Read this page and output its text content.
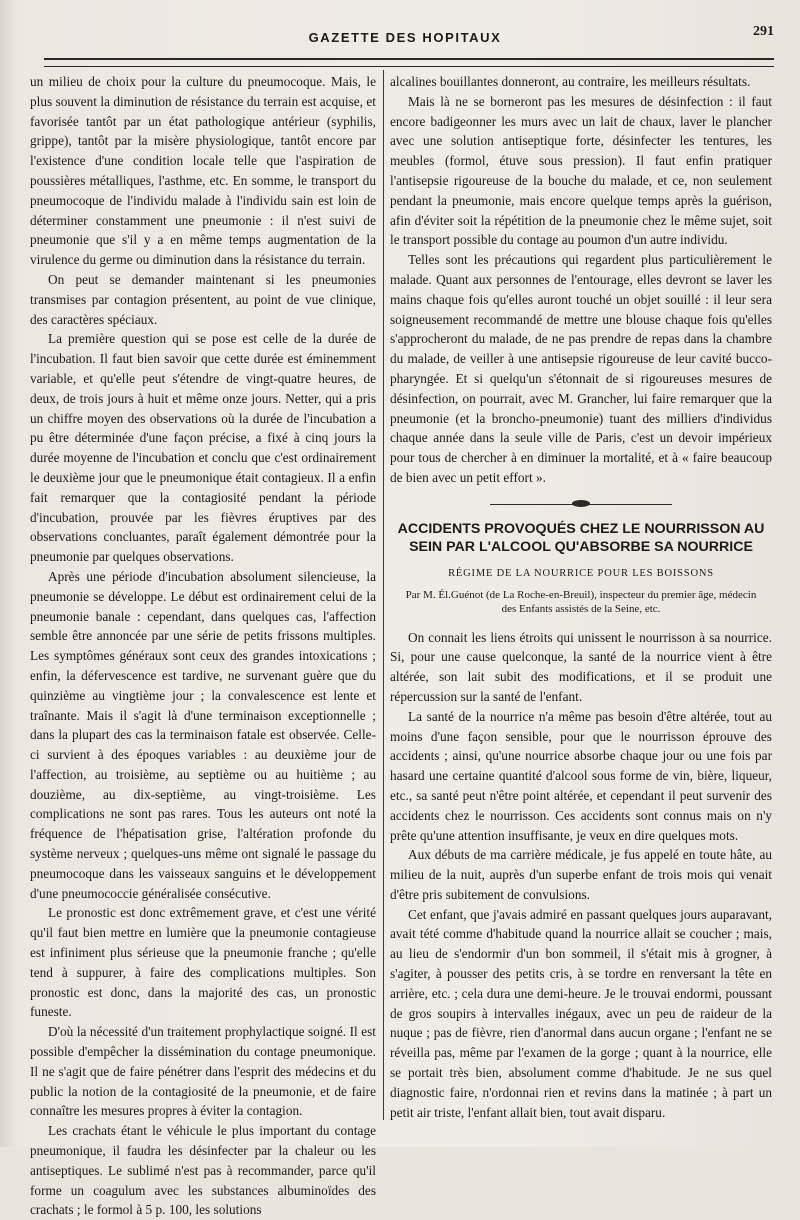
GAZETTE DES HOPITAUX	291

un milieu de choix pour la culture du pneumocoque. Mais, le plus souvent la diminution de résistance du terrain est acquise, et favorisée tantôt par un état pathologique antérieur (syphilis, grippe), tantôt par la misère physiologique, tantôt encore par l'existence d'une condition locale telle que l'aspiration de poussières métalliques, l'asthme, etc. En somme, le transport du pneumocoque de l'individu malade à l'individu sain est loin de déterminer constamment une pneumonie : il n'est suivi de pneumonie que s'il y a en même temps augmentation de la virulence du germe ou diminution dans la résistance du terrain.

On peut se demander maintenant si les pneumonies transmises par contagion présentent, au point de vue clinique, des caractères spéciaux.

La première question qui se pose est celle de la durée de l'incubation. Il faut bien savoir que cette durée est éminemment variable, et qu'elle peut s'étendre de vingt-quatre heures, de deux, de trois jours à huit et même onze jours. Netter, qui a pris un chiffre moyen des observations où la durée de l'incubation a pu être déterminée d'une façon précise, a fixé à cinq jours la durée moyenne de l'incubation et conclu que c'est ordinairement le deuxième jour que le pneumonique était contagieux. Il a enfin fait remarquer que la contagiosité pendant la période d'incubation, prouvée par les fièvres éruptives par des observations concluantes, paraît également démontrée pour la pneumonie par quelques observations.

Après une période d'incubation absolument silencieuse, la pneumonie se développe. Le début est ordinairement celui de la pneumonie banale : cependant, dans quelques cas, l'affection semble être annoncée par une série de petits frissons multiples. Les symptômes généraux sont ceux des grandes intoxications ; enfin, la défervescence est tardive, ne survenant guère que du quinzième au vingtième jour ; la convalescence est lente et traînante. Mais il s'agit là d'une terminaison exceptionnelle ; dans la plupart des cas la terminaison fatale est observée. Celle-ci survient à des époques variables : au deuxième jour de l'affection, au troisième, au septième ou au huitième ; au douzième, au dix-septième, au vingt-troisième. Les complications ne sont pas rares. Tous les auteurs ont noté la fréquence de l'hépatisation grise, l'altération profonde du système nerveux ; quelques-uns même ont signalé le passage du pneumocoque dans les vaisseaux sanguins et le développement d'une pneumococcie généralisée consécutive.

Le pronostic est donc extrêmement grave, et c'est une vérité qu'il faut bien mettre en lumière que la pneumonie contagieuse est infiniment plus sérieuse que la pneumonie franche ; qu'elle tend à suppurer, à faire des complications multiples. Son pronostic est donc, dans la majorité des cas, un pronostic funeste.

D'où la nécessité d'un traitement prophylactique soigné. Il est possible d'empêcher la dissémination du contage pneumonique. Il ne s'agit que de faire pénétrer dans l'esprit des médecins et du public la notion de la contagiosité de la pneumonie, et de faire connaître les mesures propres à éviter la contagion.

Les crachats étant le véhicule le plus important du contage pneumonique, il faudra les désinfecter par la chaleur ou les antiseptiques. Le sublimé n'est pas à recommander, parce qu'il forme un coagulum avec les substances albuminoïdes des crachats ; le formol à 5 p. 100, les solutions

alcalines bouillantes donneront, au contraire, les meilleurs résultats.

Mais là ne se borneront pas les mesures de désinfection : il faut encore badigeonner les murs avec un lait de chaux, laver le plancher avec une solution antiseptique forte, désinfecter les tentures, les meubles (formol, étuve sous pression). Il faut enfin pratiquer l'antisepsie rigoureuse de la bouche du malade, et ce, non seulement pendant la pneumonie, mais encore quelque temps après la guérison, afin d'éviter soit la répétition de la pneumonie chez le même sujet, soit le transport possible du contage au poumon d'un autre individu.

Telles sont les précautions qui regardent plus particulièrement le malade. Quant aux personnes de l'entourage, elles devront se laver les mains chaque fois qu'elles auront touché un objet souillé : il leur sera soigneusement recommandé de mettre une blouse chaque fois qu'elles s'approcheront du malade, de ne pas prendre de repas dans la chambre du malade, de veiller à une antisepsie rigoureuse de leur cavité bucco-pharyngée. Et si quelqu'un s'étonnait de si rigoureuses mesures de désinfection, on pourrait, avec M. Grancher, lui faire remarquer que la pneumonie (et la broncho-pneumonie) tuant des milliers d'individus chaque année dans la seule ville de Paris, c'est un devoir impérieux pour tous de chercher à en diminuer la mortalité, et à « faire beaucoup de bien avec un petit effort ».

ACCIDENTS PROVOQUÉS CHEZ LE NOURRISSON AU SEIN PAR L'ALCOOL QU'ABSORBE SA NOURRICE
RÉGIME DE LA NOURRICE POUR LES BOISSONS
Par M. Él.Guénot (de La Roche-en-Breuil), inspecteur du premier âge, médecin des Enfants assistés de la Seine, etc.

On connait les liens étroits qui unissent le nourrisson à sa nourrice. Si, pour une cause quelconque, la santé de la nourrice vient à être altérée, son lait subit des modifications, et il se produit une répercussion sur la santé de l'enfant.

La santé de la nourrice n'a même pas besoin d'être altérée, tout au moins d'une façon sensible, pour que le nourrisson éprouve des accidents ; ainsi, qu'une nourrice absorbe chaque jour ou une fois par hasard une certaine quantité d'alcool sous forme de vin, bière, liqueur, etc., sa santé peut n'être point altérée, et cependant il peut survenir des accidents chez le nourrisson. Ces accidents sont connus mais on n'y prête qu'une attention insuffisante, je veux en dire quelques mots.

Aux débuts de ma carrière médicale, je fus appelé en toute hâte, au milieu de la nuit, auprès d'un superbe enfant de trois mois qui venait d'être pris subitement de convulsions.

Cet enfant, que j'avais admiré en passant quelques jours auparavant, avait tété comme d'habitude quand la nourrice allait se coucher ; mais, au lieu de s'endormir d'un bon sommeil, il s'était mis à grogner, à s'agiter, à pousser des petits cris, à se tordre en renversant la tête en arrière, etc. ; cela dura une demi-heure. Je le trouvai endormi, poussant de gros soupirs à intervalles inégaux, avec un peu de raideur de la nuque ; pas de fièvre, rien d'anormal dans aucun organe ; l'enfant ne se réveilla pas, même par l'examen de la gorge ; quant à la nourrice, elle se portait très bien, absolument comme d'habitude. Je ne sus quel diagnostic faire, n'ordonnai rien et revins dans la matinée ; à part un petit air triste, l'enfant allait bien, tout avait disparu.
